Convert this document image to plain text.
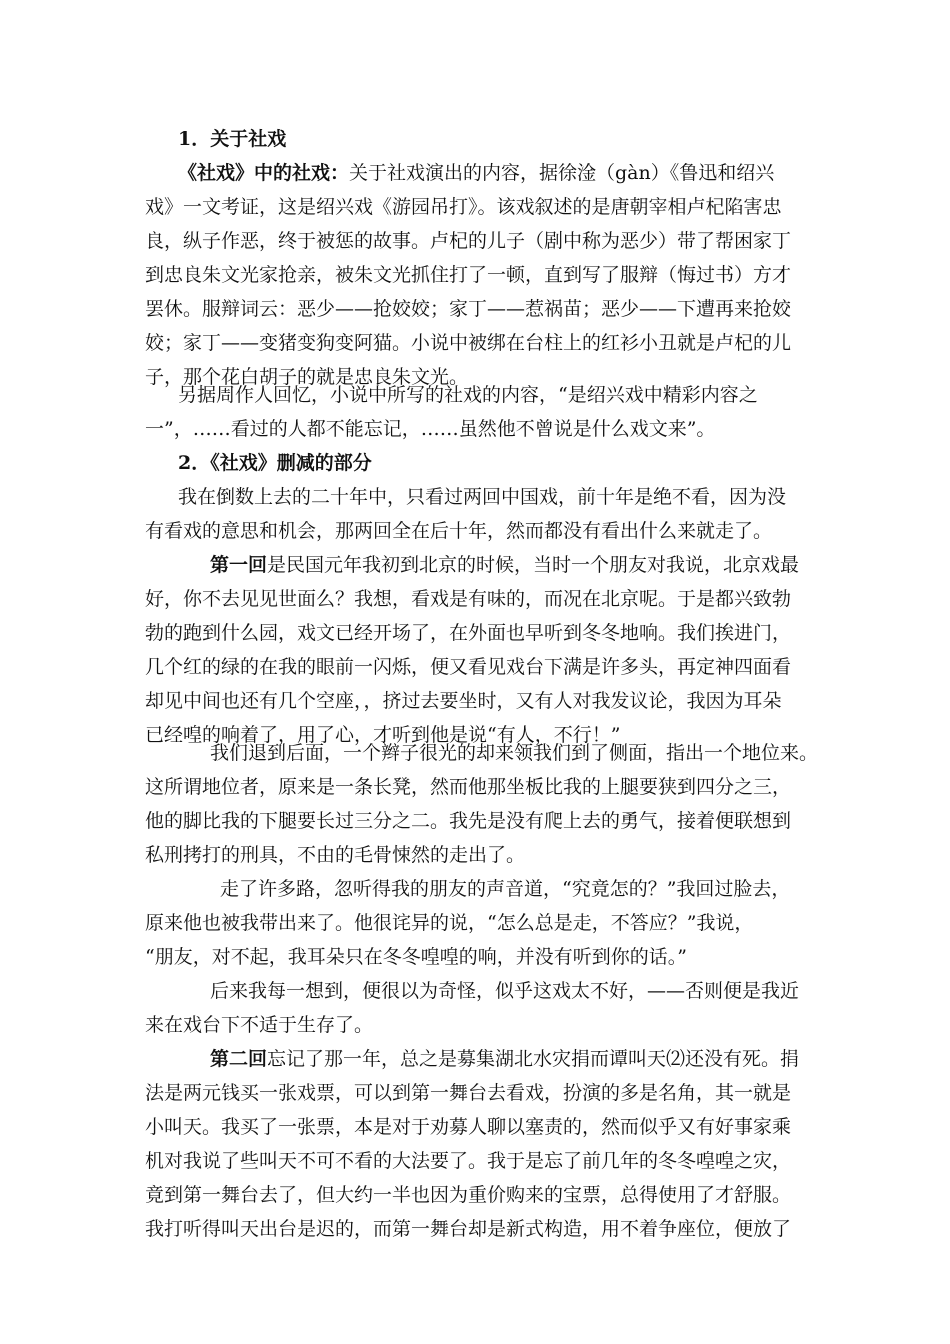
1．关于社戏
《社戏》中的社戏：关于社戏演出的内容，据徐淦（gàn）《鲁迅和绍兴
戏》一文考证，这是绍兴戏《游园吊打》。该戏叙述的是唐朝宰相卢杞陷害忠
良，纵子作恶，终于被惩的故事。卢杞的儿子（剧中称为恶少）带了帮困家丁
到忠良朱文光家抢亲，被朱文光抓住打了一顿，直到写了服辩（悔过书）方才
罢休。服辩词云：恶少——抢姣姣；家丁——惹祸苗；恶少——下遭再来抢姣
姣；家丁——变猪变狗变阿猫。小说中被绑在台柱上的红衫小丑就是卢杞的儿
子，那个花白胡子的就是忠良朱文光。
另据周作人回忆，小说中所写的社戏的内容，“是绍兴戏中精彩内容之
一”，……看过的人都不能忘记，……虽然他不曾说是什么戏文来”。
2．《社戏》删减的部分
我在倒数上去的二十年中，只看过两回中国戏，前十年是绝不看，因为没
有看戏的意思和机会，那两回全在后十年，然而都没有看出什么来就走了。
第一回是民国元年我初到北京的时候，当时一个朋友对我说，北京戏最
好，你不去见见世面么？我想，看戏是有味的，而况在北京呢。于是都兴致勃
勃的跑到什么园，戏文已经开场了，在外面也早听到冬冬地响。我们挨进门，
几个红的绿的在我的眼前一闪烁，便又看见戏台下满是许多头，再定神四面看
却见中间也还有几个空座，，挤过去要坐时，又有人对我发议论，我因为耳朵
已经喤的响着了，用了心，才听到他是说“有人，不行！”
我们退到后面，一个辫子很光的却来领我们到了侧面，指出一个地位来。
这所谓地位者，原来是一条长凳，然而他那坐板比我的上腿要狭到四分之三，
他的脚比我的下腿要长过三分之二。我先是没有爬上去的勇气，接着便联想到
私刑拷打的刑具，不由的毛骨悚然的走出了。
走了许多路，忽听得我的朋友的声音道，“究竟怎的？”我回过脸去，
原来他也被我带出来了。他很诧异的说，“怎么总是走，不答应？”我说，
“朋友，对不起，我耳朵只在冬冬喤喤的响，并没有听到你的话。”
后来我每一想到，便很以为奇怪，似乎这戏太不好，——否则便是我近
来在戏台下不适于生存了。
第二回忘记了那一年，总之是募集湖北水灾捐而谭叫天⑵还没有死。捐
法是两元钱买一张戏票，可以到第一舞台去看戏，扮演的多是名角，其一就是
小叫天。我买了一张票，本是对于劝募人聊以塞责的，然而似乎又有好事家乘
机对我说了些叫天不可不看的大法要了。我于是忘了前几年的冬冬喤喤之灾，
竟到第一舞台去了，但大约一半也因为重价购来的宝票，总得使用了才舒服。
我打听得叫天出台是迟的，而第一舞台却是新式构造，用不着争座位，便放了
